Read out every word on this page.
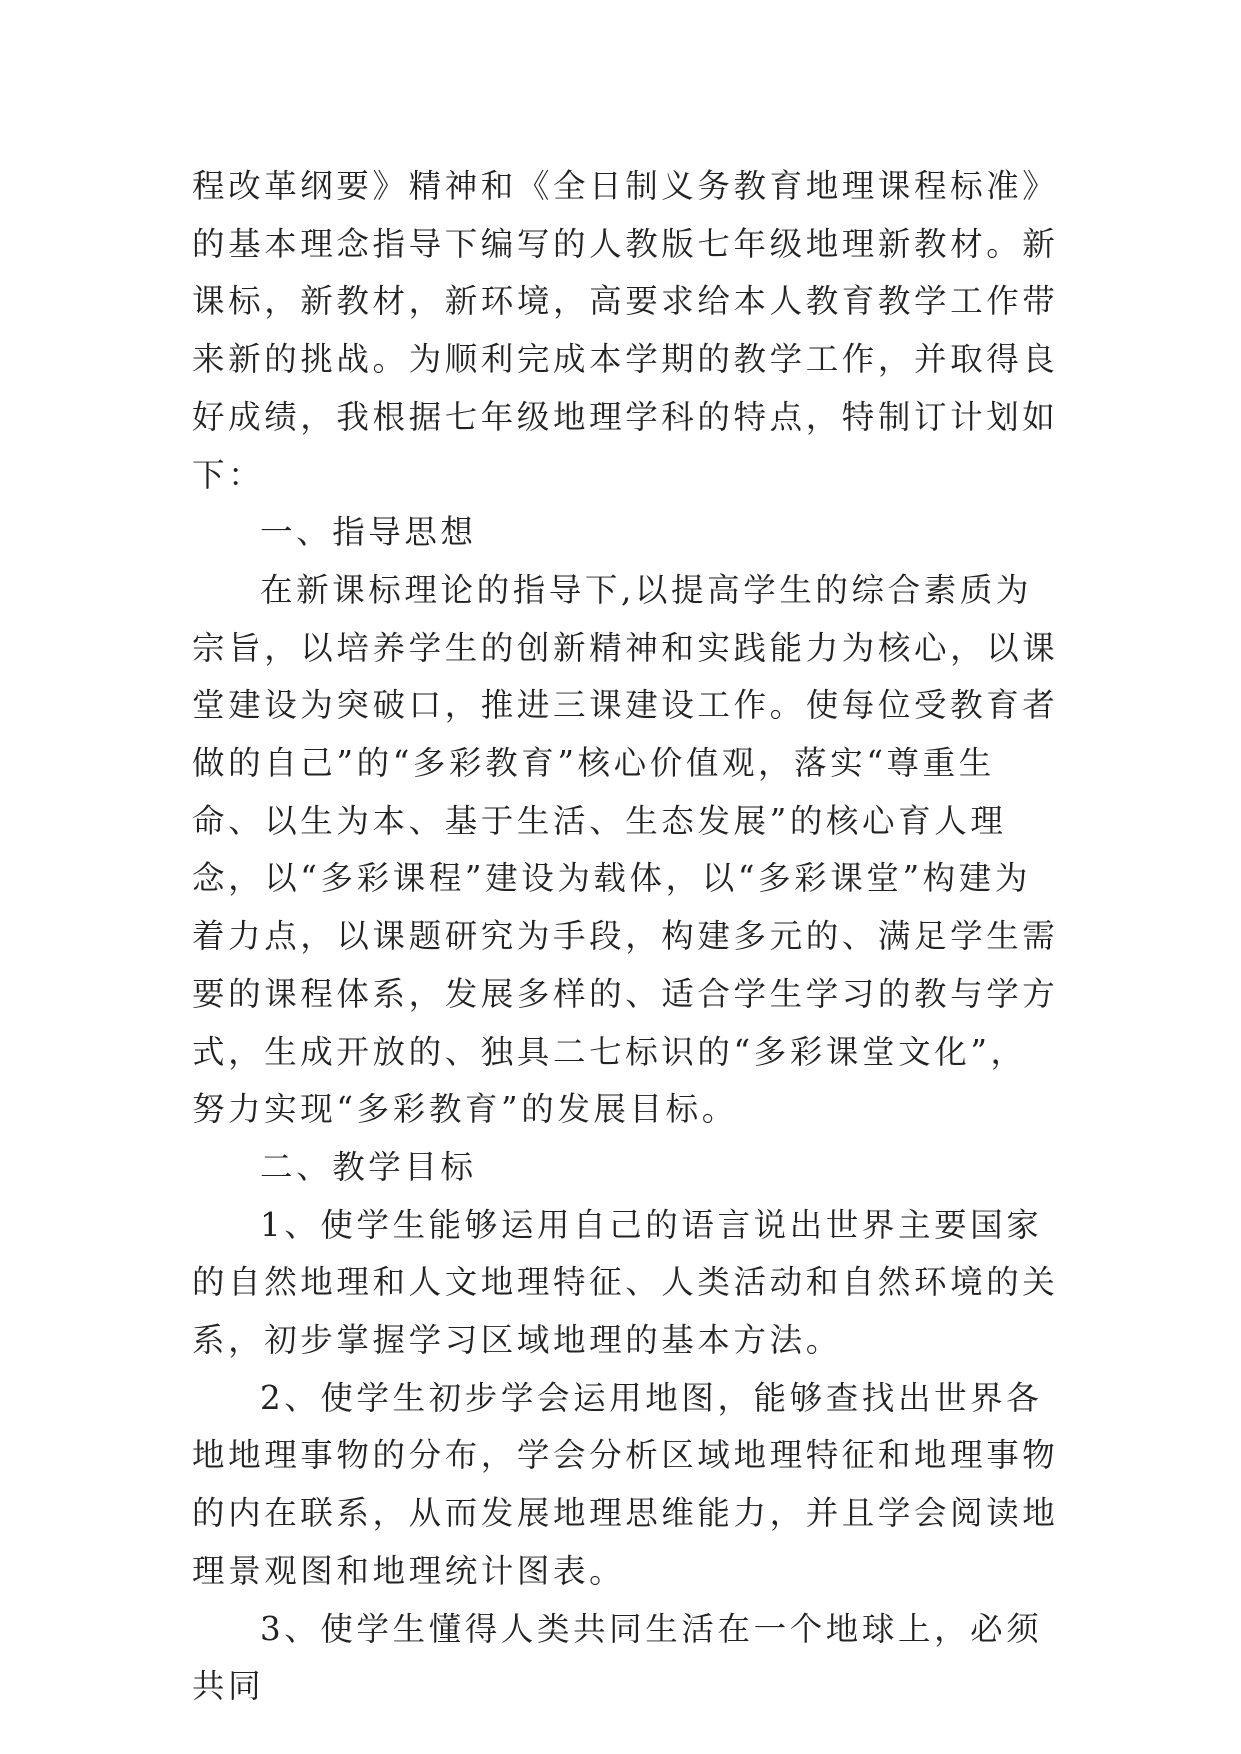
程改革纲要》精神和《全日制义务教育地理课程标准》的基本理念指导下编写的人教版七年级地理新教材。新课标，新教材，新环境，高要求给本人教育教学工作带来新的挑战。为顺利完成本学期的教学工作，并取得良好成绩，我根据七年级地理学科的特点，特制订计划如下：

一、指导思想

在新课标理论的指导下,以提高学生的综合素质为宗旨，以培养学生的创新精神和实践能力为核心，以课堂建设为突破口，推进三课建设工作。使每位受教育者做的自己”的“多彩教育”核心价值观，落实“尊重生命、以生为本、基于生活、生态发展”的核心育人理念，以“多彩课程”建设为载体，以“多彩课堂”构建为着力点，以课题研究为手段，构建多元的、满足学生需要的课程体系，发展多样的、适合学生学习的教与学方式，生成开放的、独具二七标识的“多彩课堂文化”，努力实现“多彩教育”的发展目标。

二、教学目标

1、使学生能够运用自己的语言说出世界主要国家的自然地理和人文地理特征、人类活动和自然环境的关系，初步掌握学习区域地理的基本方法。

2、使学生初步学会运用地图，能够查找出世界各地地理事物的分布，学会分析区域地理特征和地理事物的内在联系，从而发展地理思维能力，并且学会阅读地理景观图和地理统计图表。

3、使学生懂得人类共同生活在一个地球上，必须共同
